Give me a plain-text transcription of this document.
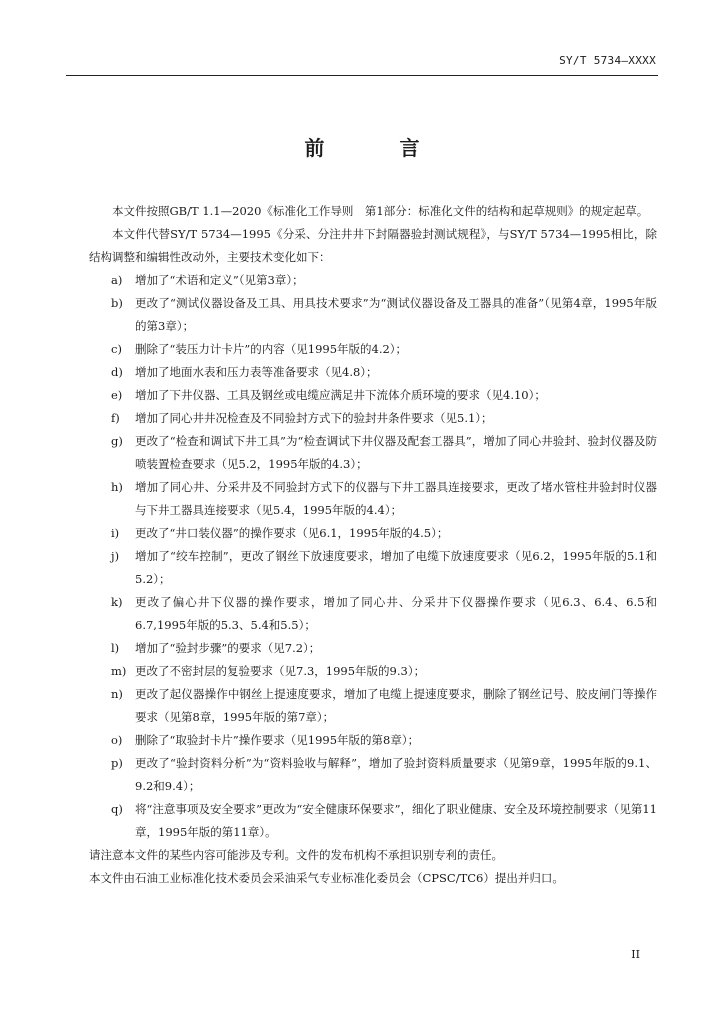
SY/T 5734—XXXX
前 言

本文件按照GB/T 1.1—2020《标准化工作导则　第1部分：标准化文件的结构和起草规则》的规定起草。

本文件代替SY/T 5734—1995《分采、分注井井下封隔器验封测试规程》，与SY/T 5734—1995相比，除结构调整和编辑性改动外，主要技术变化如下：

a) 增加了“术语和定义”（见第3章）；
b) 更改了“测试仪器设备及工具、用具技术要求”为“测试仪器设备及工器具的准备”（见第4章，1995年版的第3章）；
c) 删除了“装压力计卡片”的内容（见1995年版的4.2）；
d) 增加了地面水表和压力表等准备要求（见4.8）；
e) 增加了下井仪器、工具及钢丝或电缆应满足井下流体介质环境的要求（见4.10）；
f) 增加了同心井井况检查及不同验封方式下的验封井条件要求（见5.1）；
g) 更改了“检查和调试下井工具”为“检查调试下井仪器及配套工器具”，增加了同心井验封、验封仪器及防喷装置检查要求（见5.2，1995年版的4.3）；
h) 增加了同心井、分采井及不同验封方式下的仪器与下井工器具连接要求，更改了堵水管柱井验封时仪器与下井工器具连接要求（见5.4，1995年版的4.4）；
i) 更改了“井口装仪器”的操作要求（见6.1，1995年版的4.5）；
j) 增加了“绞车控制”，更改了钢丝下放速度要求，增加了电缆下放速度要求（见6.2，1995年版的5.1和5.2）；
k) 更改了偏心井下仪器的操作要求，增加了同心井、分采井下仪器操作要求（见6.3、6.4、6.5和6.7,1995年版的5.3、5.4和5.5）；
l) 增加了“验封步骤”的要求（见7.2）；
m) 更改了不密封层的复验要求（见7.3，1995年版的9.3）；
n) 更改了起仪器操作中钢丝上提速度要求，增加了电缆上提速度要求，删除了钢丝记号、胶皮闸门等操作要求（见第8章，1995年版的第7章）；
o) 删除了“取验封卡片”操作要求（见1995年版的第8章）；
p) 更改了“验封资料分析”为“资料验收与解释”，增加了验封资料质量要求（见第9章，1995年版的9.1、9.2和9.4）；
q) 将“注意事项及安全要求”更改为“安全健康环保要求”，细化了职业健康、安全及环境控制要求（见第11章，1995年版的第11章）。

请注意本文件的某些内容可能涉及专利。文件的发布机构不承担识别专利的责任。

本文件由石油工业标准化技术委员会采油采气专业标准化委员会（CPSC/TC6）提出并归口。

II
